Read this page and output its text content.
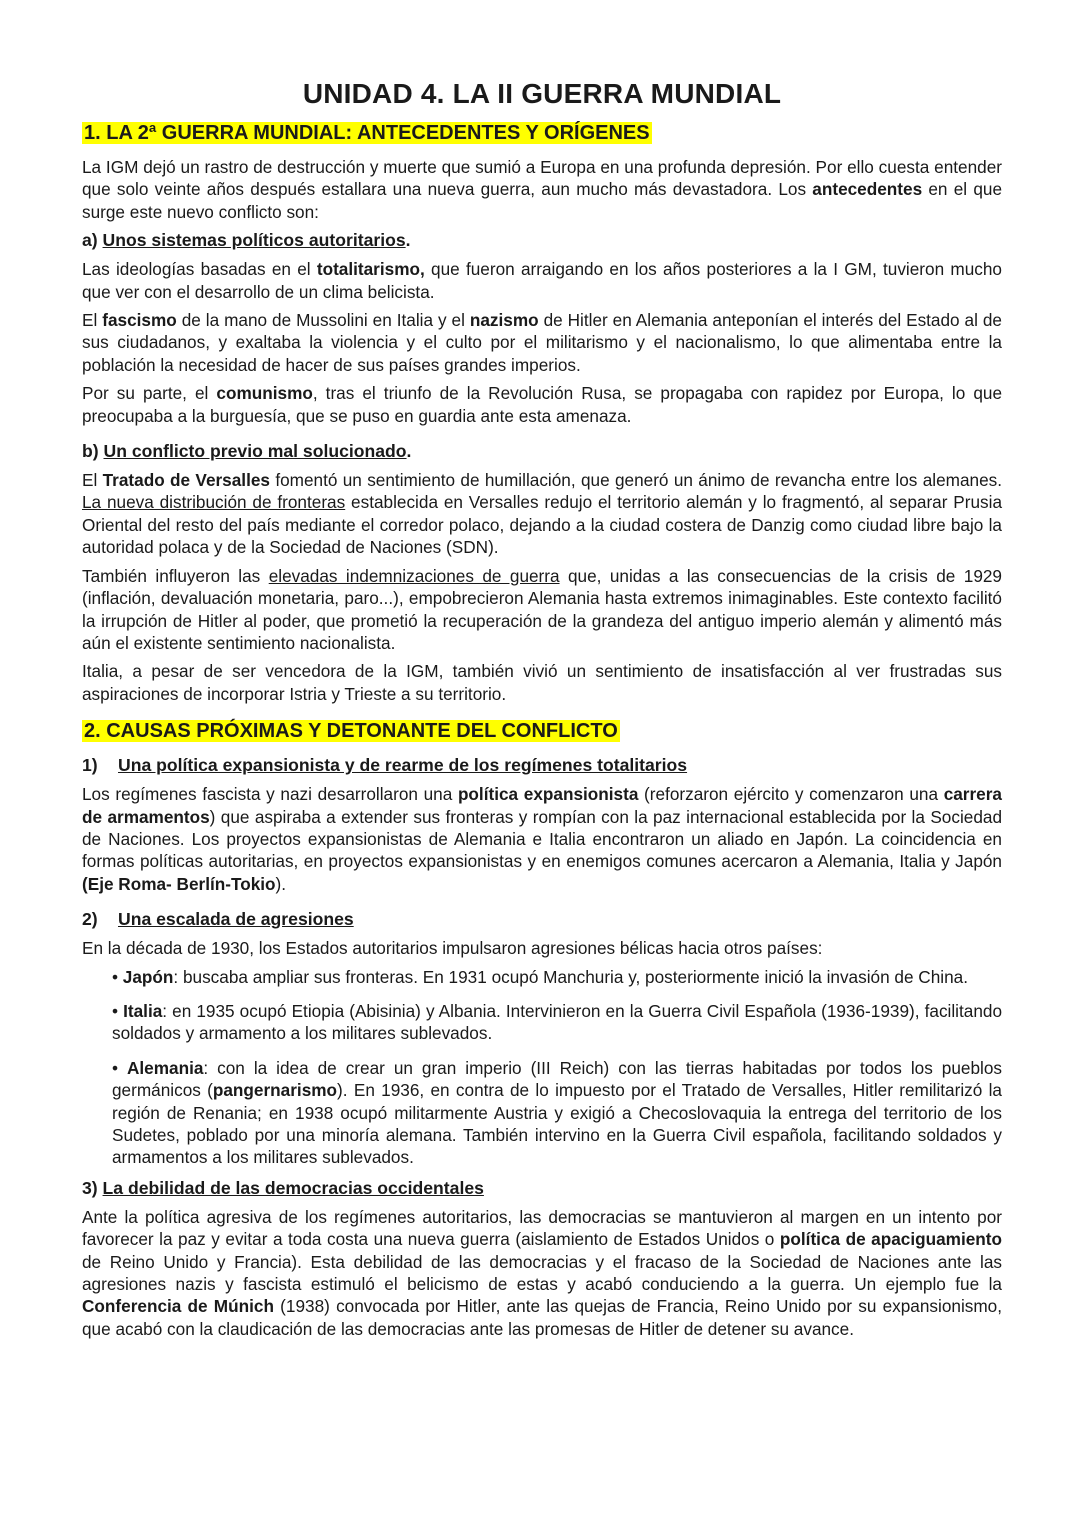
UNIDAD 4. LA II GUERRA MUNDIAL
1. LA 2ª GUERRA MUNDIAL: ANTECEDENTES Y ORÍGENES

La IGM dejó un rastro de destrucción y muerte que sumió a Europa en una profunda depresión. Por ello cuesta entender que solo veinte años después estallara una nueva guerra, aun mucho más devastadora. Los antecedentes en el que surge este nuevo conflicto son:

a) Unos sistemas políticos autoritarios.

Las ideologías basadas en el totalitarismo, que fueron arraigando en los años posteriores a la I GM, tuvieron mucho que ver con el desarrollo de un clima belicista.

El fascismo de la mano de Mussolini en Italia y el nazismo de Hitler en Alemania anteponían el interés del Estado al de sus ciudadanos, y exaltaba la violencia y el culto por el militarismo y el nacionalismo, lo que alimentaba entre la población la necesidad de hacer de sus países grandes imperios.

Por su parte, el comunismo, tras el triunfo de la Revolución Rusa, se propagaba con rapidez por Europa, lo que preocupaba a la burguesía, que se puso en guardia ante esta amenaza.

b) Un conflicto previo mal solucionado.

El Tratado de Versalles fomentó un sentimiento de humillación, que generó un ánimo de revancha entre los alemanes. La nueva distribución de fronteras establecida en Versalles redujo el territorio alemán y lo fragmentó, al separar Prusia Oriental del resto del país mediante el corredor polaco, dejando a la ciudad costera de Danzig como ciudad libre bajo la autoridad polaca y de la Sociedad de Naciones (SDN).

También influyeron las elevadas indemnizaciones de guerra que, unidas a las consecuencias de la crisis de 1929 (inflación, devaluación monetaria, paro...), empobrecieron Alemania hasta extremos inimaginables. Este contexto facilitó la irrupción de Hitler al poder, que prometió la recuperación de la grandeza del antiguo imperio alemán y alimentó más aún el existente sentimiento nacionalista.

Italia, a pesar de ser vencedora de la IGM, también vivió un sentimiento de insatisfacción al ver frustradas sus aspiraciones de incorporar Istria y Trieste a su territorio.

2. CAUSAS PRÓXIMAS Y DETONANTE DEL CONFLICTO
1) Una política expansionista y de rearme de los regímenes totalitarios

Los regímenes fascista y nazi desarrollaron una política expansionista (reforzaron ejército y comenzaron una carrera de armamentos) que aspiraba a extender sus fronteras y rompían con la paz internacional establecida por la Sociedad de Naciones. Los proyectos expansionistas de Alemania e Italia encontraron un aliado en Japón. La coincidencia en formas políticas autoritarias, en proyectos expansionistas y en enemigos comunes acercaron a Alemania, Italia y Japón (Eje Roma- Berlín-Tokio).

2) Una escalada de agresiones

En la década de 1930, los Estados autoritarios impulsaron agresiones bélicas hacia otros países:

• Japón: buscaba ampliar sus fronteras. En 1931 ocupó Manchuria y, posteriormente inició la invasión de China.

• Italia: en 1935 ocupó Etiopia (Abisinia) y Albania. Intervinieron en la Guerra Civil Española (1936-1939), facilitando soldados y armamento a los militares sublevados.

• Alemania: con la idea de crear un gran imperio (III Reich) con las tierras habitadas por todos los pueblos germánicos (pangernarismo). En 1936, en contra de lo impuesto por el Tratado de Versalles, Hitler remilitarizó la región de Renania; en 1938 ocupó militarmente Austria y exigió a Checoslovaquia la entrega del territorio de los Sudetes, poblado por una minoría alemana. También intervino en la Guerra Civil española, facilitando soldados y armamentos a los militares sublevados.

3) La debilidad de las democracias occidentales

Ante la política agresiva de los regímenes autoritarios, las democracias se mantuvieron al margen en un intento por favorecer la paz y evitar a toda costa una nueva guerra (aislamiento de Estados Unidos o política de apaciguamiento de Reino Unido y Francia). Esta debilidad de las democracias y el fracaso de la Sociedad de Naciones ante las agresiones nazis y fascista estimuló el belicismo de estas y acabó conduciendo a la guerra. Un ejemplo fue la Conferencia de Múnich (1938) convocada por Hitler, ante las quejas de Francia, Reino Unido por su expansionismo, que acabó con la claudicación de las democracias ante las promesas de Hitler de detener su avance.
